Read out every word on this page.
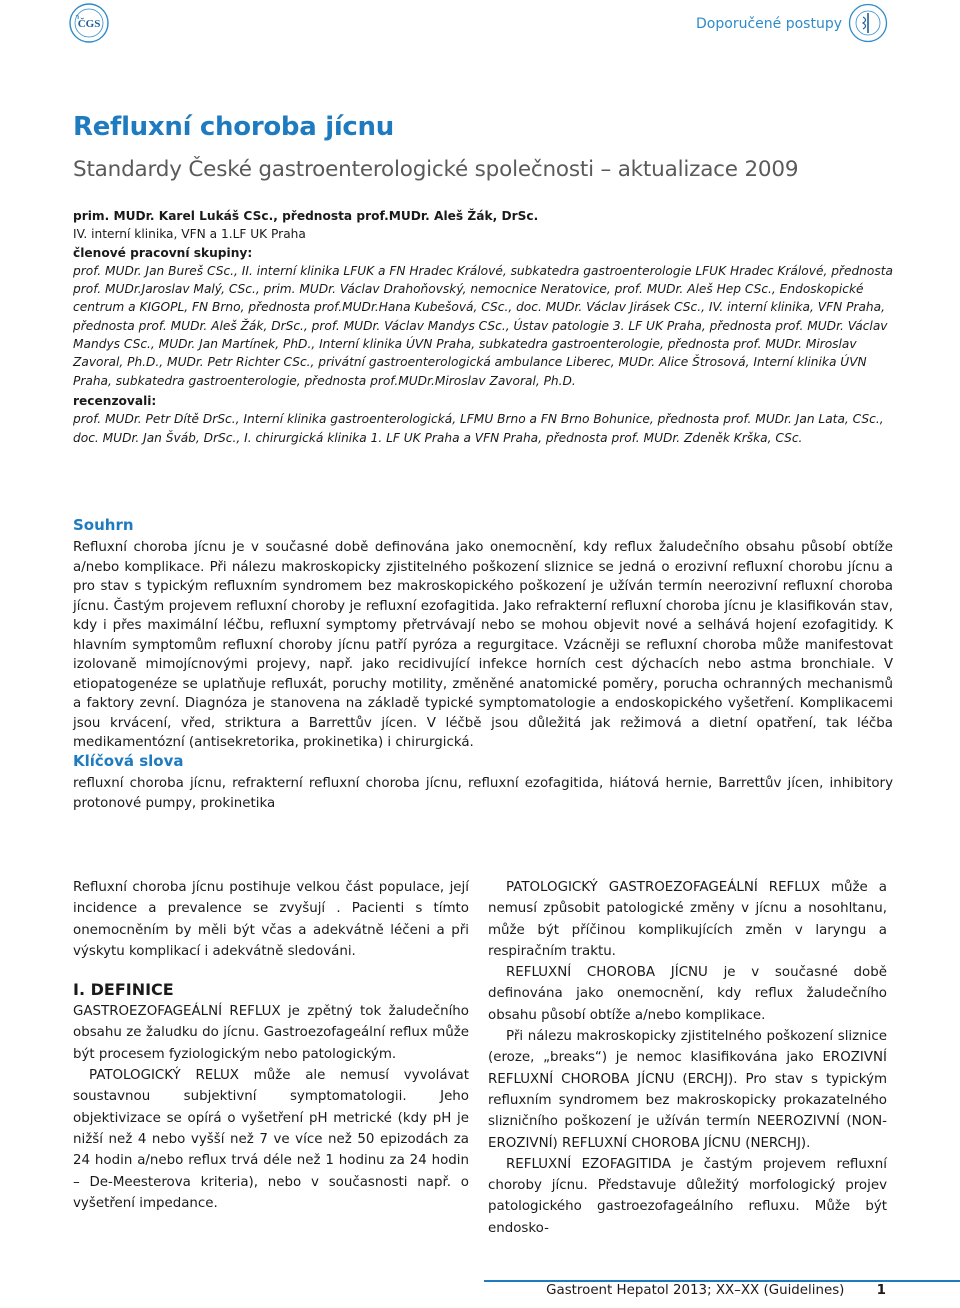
ČGS	Doporučené postupy
Refluxní choroba jícnu
Standardy České gastroenterologické společnosti – aktualizace 2009
prim. MUDr. Karel Lukáš CSc., přednosta prof.MUDr. Aleš Žák, DrSc.
IV. interní klinika, VFN a 1.LF UK Praha
členové pracovní skupiny:
prof. MUDr. Jan Bureš CSc., II. interní klinika LFUK a FN Hradec Králové, subkatedra gastroenterologie LFUK Hradec Králové, přednosta prof. MUDr.Jaroslav Malý, CSc., prim. MUDr. Václav Drahoňovský, nemocnice Neratovice, prof. MUDr. Aleš Hep CSc., Endoskopické centrum a KIGOPL, FN Brno, přednosta prof.MUDr.Hana Kubešová, CSc., doc. MUDr. Václav Jirásek CSc., IV. interní klinika, VFN Praha, přednosta prof. MUDr. Aleš Žák, DrSc., prof. MUDr. Václav Mandys CSc., Ústav patologie 3. LF UK Praha, přednosta prof. MUDr. Václav Mandys CSc., MUDr. Jan Martínek, PhD., Interní klinika ÚVN Praha, subkatedra gastroenterologie, přednosta prof. MUDr. Miroslav Zavoral, Ph.D., MUDr. Petr Richter CSc., privátní gastroenterologická ambulance Liberec, MUDr. Alice Štrosová, Interní klinika ÚVN Praha, subkatedra gastroenterologie, přednosta prof.MUDr.Miroslav Zavoral, Ph.D.
recenzovali:
prof. MUDr. Petr Dítě DrSc., Interní klinika gastroenterologická, LFMU Brno a FN Brno Bohunice, přednosta prof. MUDr. Jan Lata, CSc., doc. MUDr. Jan Šváb, DrSc., I. chirurgická klinika 1. LF UK Praha a VFN Praha, přednosta prof. MUDr. Zdeněk Krška, CSc.
Souhrn

Refluxní choroba jícnu je v současné době definována jako onemocnění, kdy reflux žaludečního obsahu působí obtíže a/nebo komplikace. Při nálezu makroskopicky zjistitelného poškození sliznice se jedná o erozivní refluxní chorobu jícnu a pro stav s typickým refluxním syndromem bez makroskopického poškození je užíván termín neerozivní refluxní choroba jícnu. Častým projevem refluxní choroby je refluxní ezofagitida. Jako refrakterní refluxní choroba jícnu je klasifikován stav, kdy i přes maximální léčbu, refluxní symptomy přetrvávají nebo se mohou objevit nové a selhává hojení ezofagitidy. K hlavním symptomům refluxní choroby jícnu patří pyróza a regurgitace. Vzácněji se refluxní choroba může manifestovat izolovaně mimojícnovými projevy, např. jako recidivující infekce horních cest dýchacích nebo astma bronchiale. V etiopatogenéze se uplatňuje refluxát, poruchy motility, změněné anatomické poměry, porucha ochranných mechanismů a faktory zevní. Diagnóza je stanovena na základě typické symptomatologie a endoskopického vyšetření. Komplikacemi jsou krvácení, vřed, striktura a Barrettův jícen. V léčbě jsou důležitá jak režimová a dietní opatření, tak léčba medikamentózní (antisekretorika, prokinetika) i chirurgická.

Klíčová slova

refluxní choroba jícnu, refrakterní refluxní choroba jícnu, refluxní ezofagitida, hiátová hernie, Barrettův jícen, inhibitory protonové pumpy, prokinetika

Refluxní choroba jícnu postihuje velkou část populace, její incidence a prevalence se zvyšují . Pacienti s tímto onemocněním by měli být včas a adekvátně léčeni a při výskytu komplikací i adekvátně sledováni.

I. DEFINICE

GASTROEZOFAGEÁLNÍ REFLUX je zpětný tok žaludečního obsahu ze žaludku do jícnu. Gastroezofageální reflux může být procesem fyziologickým nebo patologickým.

PATOLOGICKÝ RELUX může ale nemusí vyvolávat soustavnou subjektivní symptomatologii. Jeho objektivizace se opírá o vyšetření pH metrické (kdy pH je nižší než 4 nebo vyšší než 7 ve více než 50 epizodách za 24 hodin a/nebo reflux trvá déle než 1 hodinu za 24 hodin – De-Meesterova kriteria), nebo v současnosti např. o vyšetření impedance.

PATOLOGICKÝ GASTROEZOFAGEÁLNÍ REFLUX může a nemusí způsobit patologické změny v jícnu a nosohltanu, může být příčinou komplikujících změn v laryngu a respiračním traktu.

REFLUXNÍ CHOROBA JÍCNU je v současné době definována jako onemocnění, kdy reflux žaludečního obsahu působí obtíže a/nebo komplikace.

Při nálezu makroskopicky zjistitelného poškození sliznice (eroze, „breaks“) je nemoc klasifikována jako EROZIVNÍ REFLUXNÍ CHOROBA JÍCNU (ERCHJ). Pro stav s typickým refluxním syndromem bez makroskopicky prokazatelného slizničního poškození je užíván termín NEEROZIVNÍ (NON-EROZIVNÍ) REFLUXNÍ CHOROBA JÍCNU (NERCHJ).

REFLUXNÍ EZOFAGITIDA je častým projevem refluxní choroby jícnu. Představuje důležitý morfologický projev patologického gastroezofageálního refluxu. Může být endosko-

Gastroent Hepatol 2013; XX–XX (Guidelines) 1
